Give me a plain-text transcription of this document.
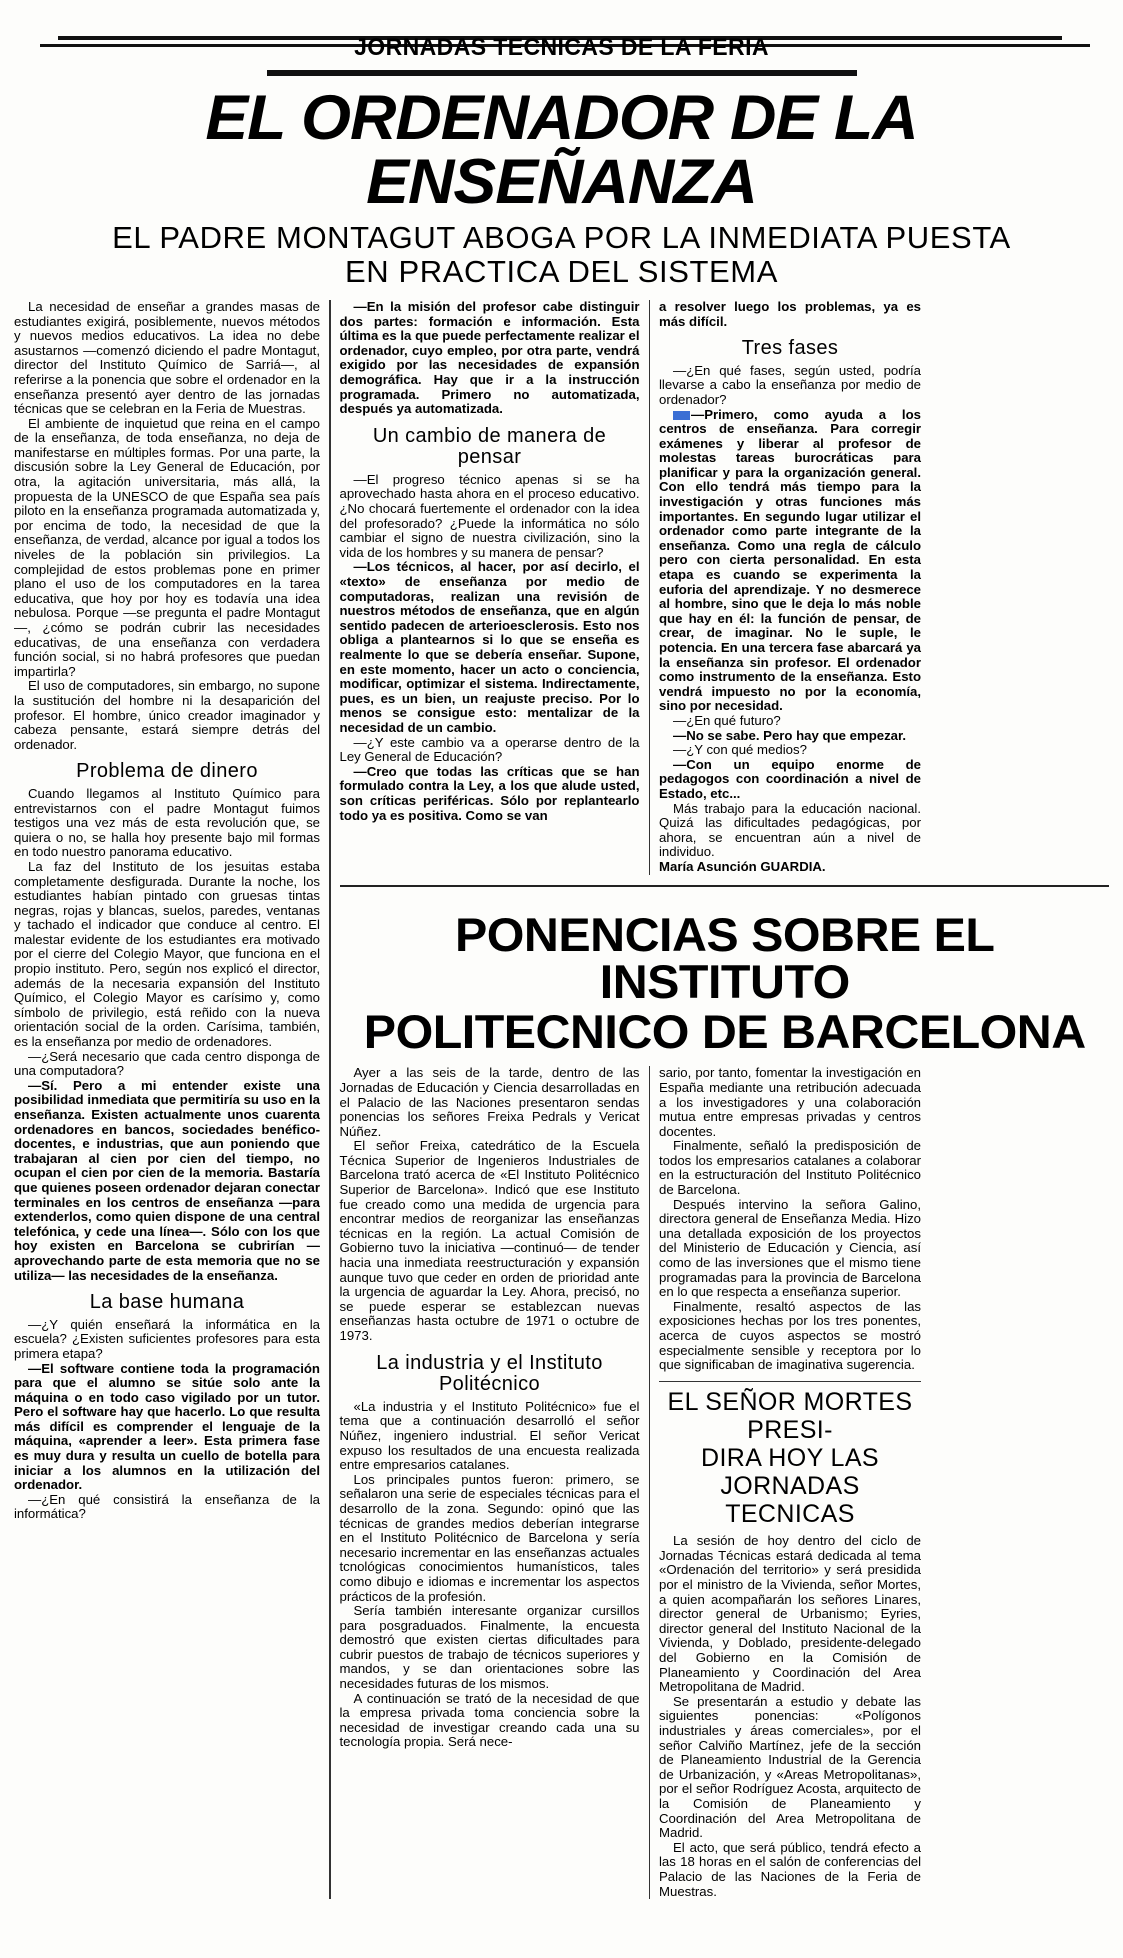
JORNADAS TECNICAS DE LA FERIA
EL ORDENADOR DE LA ENSEÑANZA
EL PADRE MONTAGUT ABOGA POR LA INMEDIATA PUESTA
EN PRACTICA DEL SISTEMA

La necesidad de enseñar a grandes masas de estudiantes exigirá, posiblemente, nuevos métodos y nuevos medios educativos. La idea no debe asustarnos —comenzó diciendo el padre Montagut, director del Instituto Químico de Sarriá—, al referirse a la ponencia que sobre el ordenador en la enseñanza presentó ayer dentro de las jornadas técnicas que se celebran en la Feria de Muestras.

El ambiente de inquietud que reina en el campo de la enseñanza, de toda enseñanza, no deja de manifestarse en múltiples formas. Por una parte, la discusión sobre la Ley General de Educación, por otra, la agitación universitaria, más allá, la propuesta de la UNESCO de que España sea país piloto en la enseñanza programada automatizada y, por encima de todo, la necesidad de que la enseñanza, de verdad, alcance por igual a todos los niveles de la población sin privilegios. La complejidad de estos problemas pone en primer plano el uso de los computadores en la tarea educativa, que hoy por hoy es todavía una idea nebulosa. Porque —se pregunta el padre Montagut—, ¿cómo se podrán cubrir las necesidades educativas, de una enseñanza con verdadera función social, si no habrá profesores que puedan impartirla?

El uso de computadores, sin embargo, no supone la sustitución del hombre ni la desaparición del profesor. El hombre, único creador imaginador y cabeza pensante, estará siempre detrás del ordenador.

Problema de dinero

Cuando llegamos al Instituto Químico para entrevistarnos con el padre Montagut fuimos testigos una vez más de esta revolución que, se quiera o no, se halla hoy presente bajo mil formas en todo nuestro panorama educativo.

La faz del Instituto de los jesuitas estaba completamente desfigurada. Durante la noche, los estudiantes habían pintado con gruesas tintas negras, rojas y blancas, suelos, paredes, ventanas y tachado el indicador que conduce al centro. El malestar evidente de los estudiantes era motivado por el cierre del Colegio Mayor, que funciona en el propio instituto. Pero, según nos explicó el director, además de la necesaria expansión del Instituto Químico, el Colegio Mayor es carísimo y, como símbolo de privilegio, está reñido con la nueva orientación social de la orden. Carísima, también, es la enseñanza por medio de ordenadores.

—¿Será necesario que cada centro disponga de una computadora?

—Sí. Pero a mi entender existe una posibilidad inmediata que permitiría su uso en la enseñanza. Existen actualmente unos cuarenta ordenadores en bancos, sociedades benéfico-docentes, e industrias, que aun poniendo que trabajaran al cien por cien del tiempo, no ocupan el cien por cien de la memoria. Bastaría que quienes poseen ordenador dejaran conectar terminales en los centros de enseñanza —para extenderlos, como quien dispone de una central telefónica, y cede una línea—. Sólo con los que hoy existen en Barcelona se cubrirían —aprovechando parte de esta memoria que no se utiliza— las necesidades de la enseñanza.

La base humana

—¿Y quién enseñará la informática en la escuela? ¿Existen suficientes profesores para esta primera etapa?

—El software contiene toda la programación para que el alumno se sitúe solo ante la máquina o en todo caso vigilado por un tutor. Pero el software hay que hacerlo. Lo que resulta más difícil es comprender el lenguaje de la máquina, «aprender a leer». Esta primera fase es muy dura y resulta un cuello de botella para iniciar a los alumnos en la utilización del ordenador.

—¿En qué consistirá la enseñanza de la informática?

—En la misión del profesor cabe distinguir dos partes: formación e información. Esta última es la que puede perfectamente realizar el ordenador, cuyo empleo, por otra parte, vendrá exigido por las necesidades de expansión demográfica. Hay que ir a la instrucción programada. Primero no automatizada, después ya automatizada.

Un cambio de manera de pensar

—El progreso técnico apenas si se ha aprovechado hasta ahora en el proceso educativo. ¿No chocará fuertemente el ordenador con la idea del profesorado? ¿Puede la informática no sólo cambiar el signo de nuestra civilización, sino la vida de los hombres y su manera de pensar?

—Los técnicos, al hacer, por así decirlo, el «texto» de enseñanza por medio de computadoras, realizan una revisión de nuestros métodos de enseñanza, que en algún sentido padecen de arterioesclerosis. Esto nos obliga a plantearnos si lo que se enseña es realmente lo que se debería enseñar. Supone, en este momento, hacer un acto o conciencia, modificar, optimizar el sistema. Indirectamente, pues, es un bien, un reajuste preciso. Por lo menos se consigue esto: mentalizar de la necesidad de un cambio.

—¿Y este cambio va a operarse dentro de la Ley General de Educación?

—Creo que todas las críticas que se han formulado contra la Ley, a los que alude usted, son críticas periféricas. Sólo por replantearlo todo ya es positiva. Como se van

a resolver luego los problemas, ya es más difícil.

Tres fases

—¿En qué fases, según usted, podría llevarse a cabo la enseñanza por medio de ordenador?

—Primero, como ayuda a los centros de enseñanza. Para corregir exámenes y liberar al profesor de molestas tareas burocráticas para planificar y para la organización general. Con ello tendrá más tiempo para la investigación y otras funciones más importantes. En segundo lugar utilizar el ordenador como parte integrante de la enseñanza. Como una regla de cálculo pero con cierta personalidad. En esta etapa es cuando se experimenta la euforia del aprendizaje. Y no desmerece al hombre, sino que le deja lo más noble que hay en él: la función de pensar, de crear, de imaginar. No le suple, le potencia. En una tercera fase abarcará ya la enseñanza sin profesor. El ordenador como instrumento de la enseñanza. Esto vendrá impuesto no por la economía, sino por necesidad.

—¿En qué futuro?

—No se sabe. Pero hay que empezar.

—¿Y con qué medios?

—Con un equipo enorme de pedagogos con coordinación a nivel de Estado, etc...

Más trabajo para la educación nacional. Quizá las dificultades pedagógicas, por ahora, se encuentran aún a nivel de individuo.

María Asunción GUARDIA.

PONENCIAS SOBRE EL INSTITUTO
POLITECNICO DE BARCELONA

Ayer a las seis de la tarde, dentro de las Jornadas de Educación y Ciencia desarrolladas en el Palacio de las Naciones presentaron sendas ponencias los señores Freixa Pedrals y Vericat Núñez.

El señor Freixa, catedrático de la Escuela Técnica Superior de Ingenieros Industriales de Barcelona trató acerca de «El Instituto Politécnico Superior de Barcelona». Indicó que ese Instituto fue creado como una medida de urgencia para encontrar medios de reorganizar las enseñanzas técnicas en la región. La actual Comisión de Gobierno tuvo la iniciativa —continuó— de tender hacia una inmediata reestructuración y expansión aunque tuvo que ceder en orden de prioridad ante la urgencia de aguardar la Ley. Ahora, precisó, no se puede esperar se establezcan nuevas enseñanzas hasta octubre de 1971 o octubre de 1973.

La industria y el Instituto
Politécnico

«La industria y el Instituto Politécnico» fue el tema que a continuación desarrolló el señor Núñez, ingeniero industrial. El señor Vericat expuso los resultados de una encuesta realizada entre empresarios catalanes.

Los principales puntos fueron: primero, se señalaron una serie de especiales técnicas para el desarrollo de la zona. Segundo: opinó que las técnicas de grandes medios deberían integrarse en el Instituto Politécnico de Barcelona y sería necesario incrementar en las enseñanzas actuales tcnológicas conocimientos humanísticos, tales como dibujo e idiomas e incrementar los aspectos prácticos de la profesión.

Sería también interesante organizar cursillos para posgraduados. Finalmente, la encuesta demostró que existen ciertas dificultades para cubrir puestos de trabajo de técnicos superiores y mandos, y se dan orientaciones sobre las necesidades futuras de los mismos.

A continuación se trató de la necesidad de que la empresa privada toma conciencia sobre la necesidad de investigar creando cada una su tecnología propia. Será nece-

sario, por tanto, fomentar la investigación en España mediante una retribución adecuada a los investigadores y una colaboración mutua entre empresas privadas y centros docentes.

Finalmente, señaló la predisposición de todos los empresarios catalanes a colaborar en la estructuración del Instituto Politécnico de Barcelona.

Después intervino la señora Galino, directora general de Enseñanza Media. Hizo una detallada exposición de los proyectos del Ministerio de Educación y Ciencia, así como de las inversiones que el mismo tiene programadas para la provincia de Barcelona en lo que respecta a enseñanza superior.

Finalmente, resaltó aspectos de las exposiciones hechas por los tres ponentes, acerca de cuyos aspectos se mostró especialmente sensible y receptora por lo que significaban de imaginativa sugerencia.

EL SEÑOR MORTES PRESI-
DIRA HOY LAS JORNADAS
TECNICAS

La sesión de hoy dentro del ciclo de Jornadas Técnicas estará dedicada al tema «Ordenación del territorio» y será presidida por el ministro de la Vivienda, señor Mortes, a quien acompañarán los señores Linares, director general de Urbanismo; Eyries, director general del Instituto Nacional de la Vivienda, y Doblado, presidente-delegado del Gobierno en la Comisión de Planeamiento y Coordinación del Area Metropolitana de Madrid.

Se presentarán a estudio y debate las siguientes ponencias: «Polígonos industriales y áreas comerciales», por el señor Calviño Martínez, jefe de la sección de Planeamiento Industrial de la Gerencia de Urbanización, y «Areas Metropolitanas», por el señor Rodríguez Acosta, arquitecto de la Comisión de Planeamiento y Coordinación del Area Metropolitana de Madrid.

El acto, que será público, tendrá efecto a las 18 horas en el salón de conferencias del Palacio de las Naciones de la Feria de Muestras.
